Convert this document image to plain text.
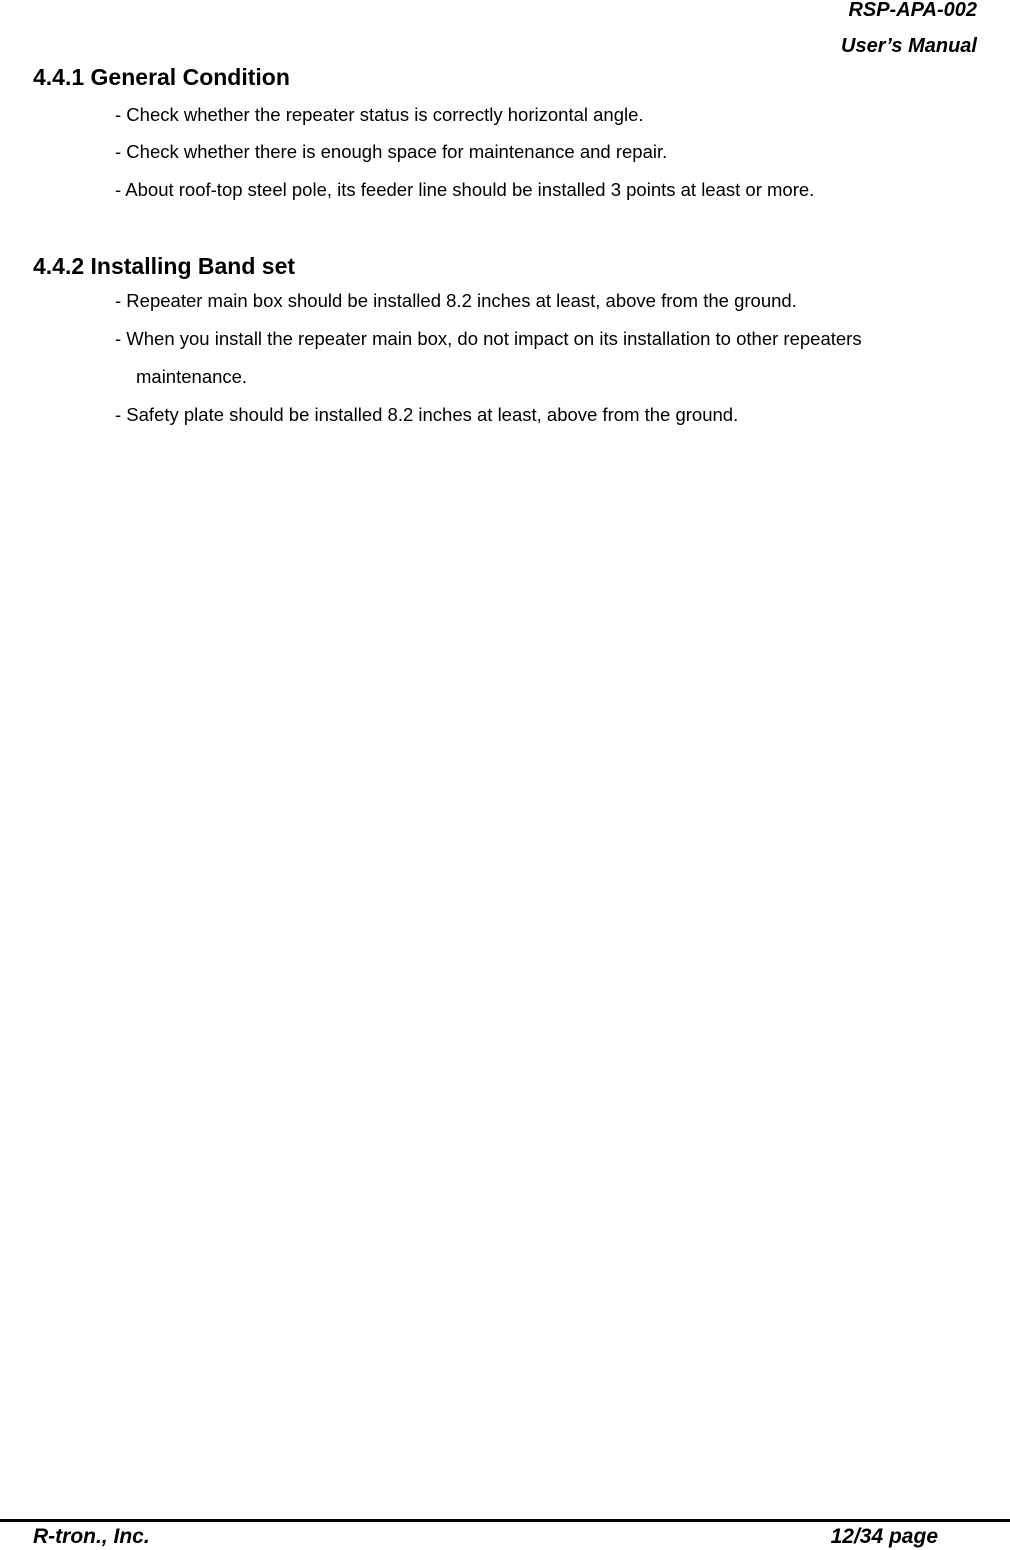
RSP-APA-002
User’s Manual
4.4.1 General Condition
- Check whether the repeater status is correctly horizontal angle.
- Check whether there is enough space for maintenance and repair.
- About roof-top steel pole, its feeder line should be installed 3 points at least or more.
4.4.2 Installing Band set
- Repeater main box should be installed 8.2 inches at least, above from the ground.
- When you install the repeater main box, do not impact on its installation to other repeaters
maintenance.
- Safety plate should be installed 8.2 inches at least, above from the ground.
R-tron., Inc.	12/34 page
